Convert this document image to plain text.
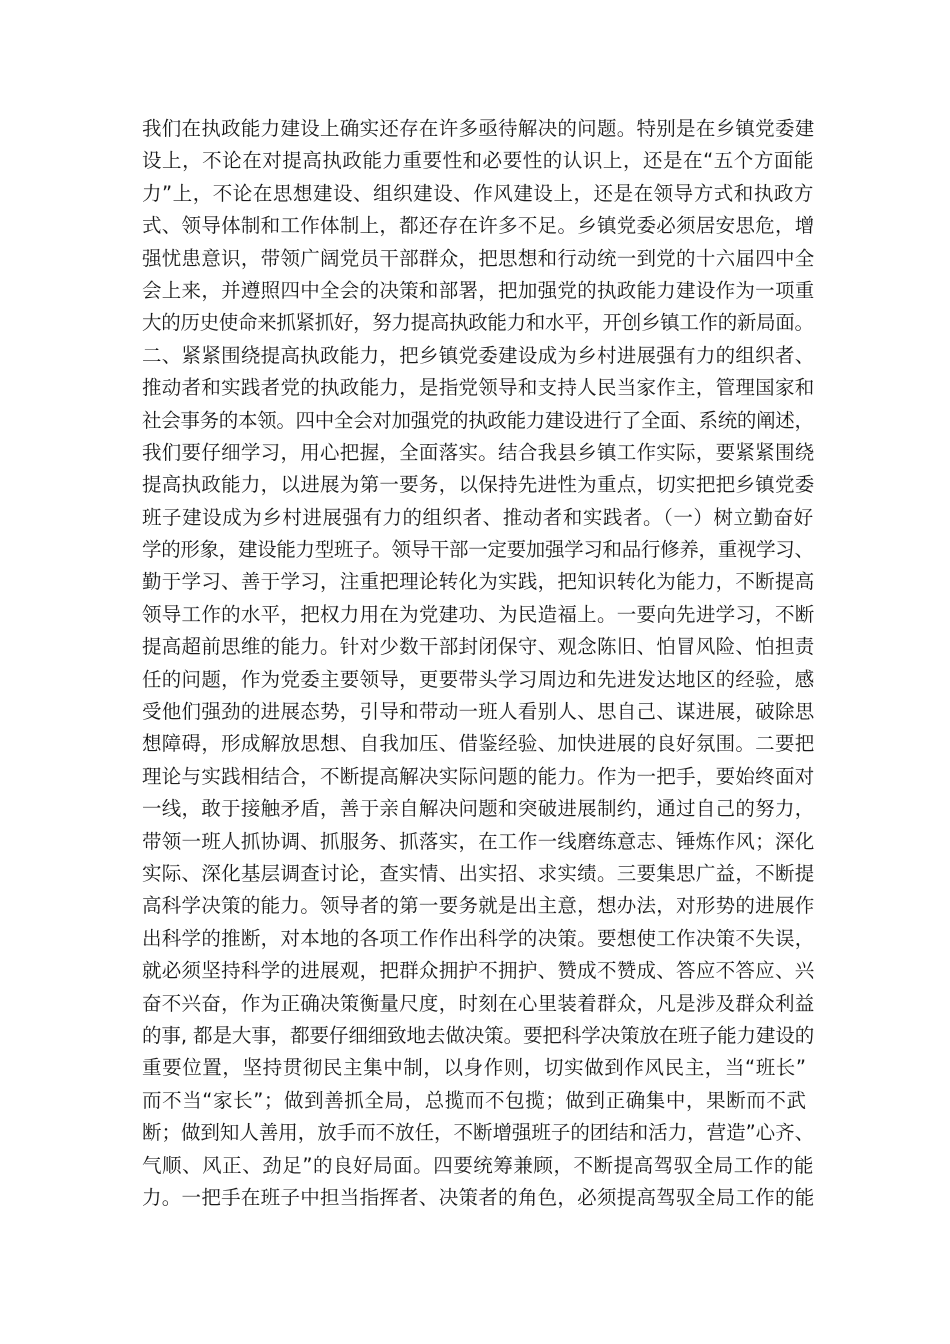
我们在执政能力建设上确实还存在许多亟待解决的问题。特别是在乡镇党委建
设上，不论在对提高执政能力重要性和必要性的认识上，还是在“五个方面能
力”上，不论在思想建设、组织建设、作风建设上，还是在领导方式和执政方
式、领导体制和工作体制上，都还存在许多不足。乡镇党委必须居安思危，增
强忧患意识，带领广阔党员干部群众，把思想和行动统一到党的十六届四中全
会上来，并遵照四中全会的决策和部署，把加强党的执政能力建设作为一项重
大的历史使命来抓紧抓好，努力提高执政能力和水平，开创乡镇工作的新局面。
二、紧紧围绕提高执政能力，把乡镇党委建设成为乡村进展强有力的组织者、
推动者和实践者党的执政能力，是指党领导和支持人民当家作主，管理国家和
社会事务的本领。四中全会对加强党的执政能力建设进行了全面、系统的阐述，
我们要仔细学习，用心把握，全面落实。结合我县乡镇工作实际，要紧紧围绕
提高执政能力，以进展为第一要务，以保持先进性为重点，切实把把乡镇党委
班子建设成为乡村进展强有力的组织者、推动者和实践者。（一）树立勤奋好
学的形象，建设能力型班子。领导干部一定要加强学习和品行修养，重视学习、
勤于学习、善于学习，注重把理论转化为实践，把知识转化为能力，不断提高
领导工作的水平，把权力用在为党建功、为民造福上。一要向先进学习，不断
提高超前思维的能力。针对少数干部封闭保守、观念陈旧、怕冒风险、怕担责
任的问题，作为党委主要领导，更要带头学习周边和先进发达地区的经验，感
受他们强劲的进展态势，引导和带动一班人看别人、思自己、谋进展，破除思
想障碍，形成解放思想、自我加压、借鉴经验、加快进展的良好氛围。二要把
理论与实践相结合，不断提高解决实际问题的能力。作为一把手，要始终面对
一线，敢于接触矛盾，善于亲自解决问题和突破进展制约，通过自己的努力，
带领一班人抓协调、抓服务、抓落实，在工作一线磨练意志、锤炼作风；深化
实际、深化基层调查讨论，查实情、出实招、求实绩。三要集思广益，不断提
高科学决策的能力。领导者的第一要务就是出主意，想办法，对形势的进展作
出科学的推断，对本地的各项工作作出科学的决策。要想使工作决策不失误，
就必须坚持科学的进展观，把群众拥护不拥护、赞成不赞成、答应不答应、兴
奋不兴奋，作为正确决策衡量尺度，时刻在心里装着群众，凡是涉及群众利益
的事, 都是大事，都要仔细细致地去做决策。要把科学决策放在班子能力建设的
重要位置，坚持贯彻民主集中制，以身作则，切实做到作风民主，当“班长”
而不当“家长”；做到善抓全局，总揽而不包揽；做到正确集中，果断而不武
断；做到知人善用，放手而不放任，不断增强班子的团结和活力，营造”心齐、
气顺、风正、劲足”的良好局面。四要统筹兼顾，不断提高驾驭全局工作的能
力。一把手在班子中担当指挥者、决策者的角色，必须提高驾驭全局工作的能
